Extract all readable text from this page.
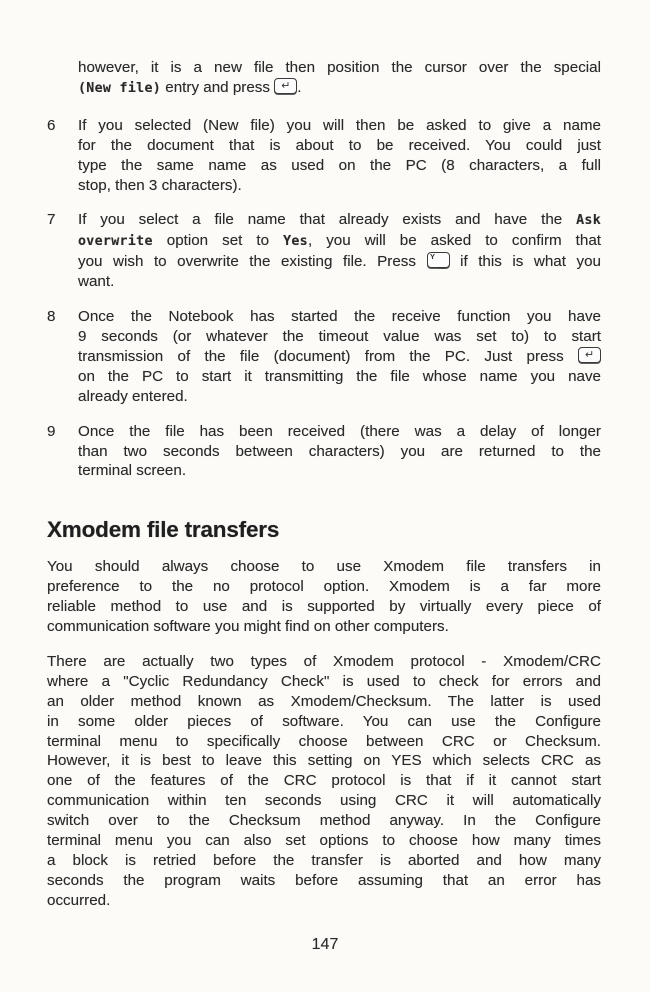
however, it is a new file then position the cursor over the special
(New file) entry and press ↵ .
6	If you selected (New file) you will then be asked to give a name
for the document that is about to be received. You could just
type the same name as used on the PC (8 characters, a full
stop, then 3 characters).
7	If you select a file name that already exists and have the Ask
overwrite option set to Yes, you will be asked to confirm that
you wish to overwrite the existing file. Press Y
‿ if this is what you
want.
8	Once the Notebook has started the receive function you have
9 seconds (or whatever the timeout value was set to) to start
transmission of the file (document) from the PC. Just press ↵
on the PC to start it transmitting the file whose name you nave
already entered.
9	Once the file has been received (there was a delay of longer
than two seconds between characters) you are returned to the
terminal screen.
Xmodem file transfers
You should always choose to use Xmodem file transfers in
preference to the no protocol option. Xmodem is a far more
reliable method to use and is supported by virtually every piece of
communication software you might find on other computers.
There are actually two types of Xmodem protocol - Xmodem/CRC
where a "Cyclic Redundancy Check" is used to check for errors and
an older method known as Xmodem/Checksum. The latter is used
in some older pieces of software. You can use the Configure
terminal menu to specifically choose between CRC or Checksum.
However, it is best to leave this setting on YES which selects CRC as
one of the features of the CRC protocol is that if it cannot start
communication within ten seconds using CRC it will automatically
switch over to the Checksum method anyway. In the Configure
terminal menu you can also set options to choose how many times
a block is retried before the transfer is aborted and how many
seconds the program waits before assuming that an error has
occurred.
147
